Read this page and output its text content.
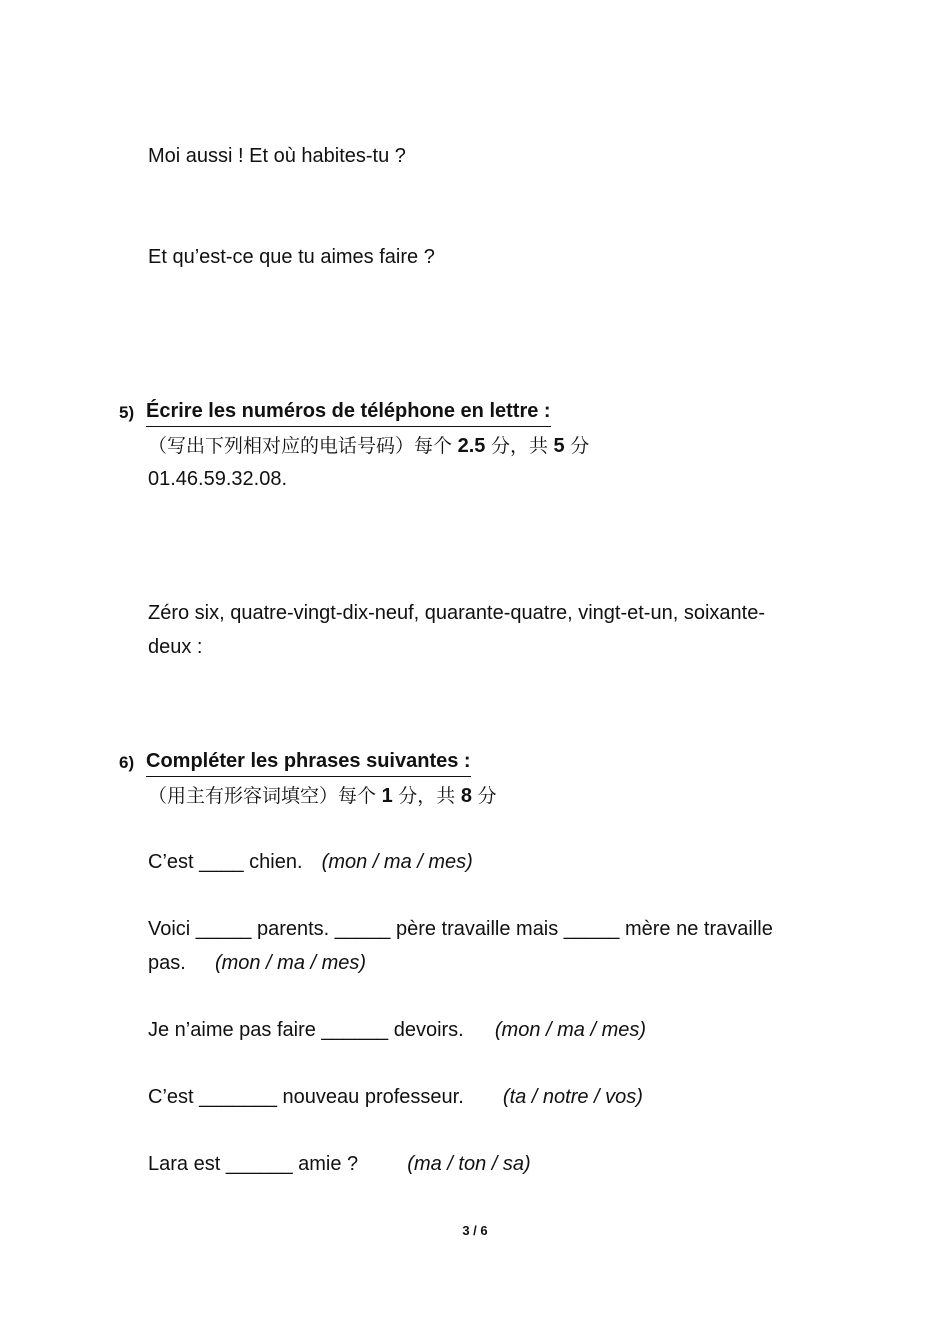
Moi aussi ! Et où habites-tu ?
Et qu’est-ce que tu aimes faire ?
5) Écrire les numéros de téléphone en lettre :
（写出下列相对应的电话号码）每个 2.5 分，共 5 分
01.46.59.32.08.
Zéro six, quatre-vingt-dix-neuf, quarante-quatre, vingt-et-un, soixante-
deux :
6) Compléter les phrases suivantes :
（用主有形容词填空）每个 1 分，共 8 分
C’est ____ chien. (mon / ma / mes)
Voici _____ parents. _____ père travaille mais _____ mère ne travaille
pas. (mon / ma / mes)
Je n’aime pas faire ______ devoirs. (mon / ma / mes)
C’est _______ nouveau professeur. (ta / notre / vos)
Lara est ______ amie ? (ma / ton / sa)
3 / 6
